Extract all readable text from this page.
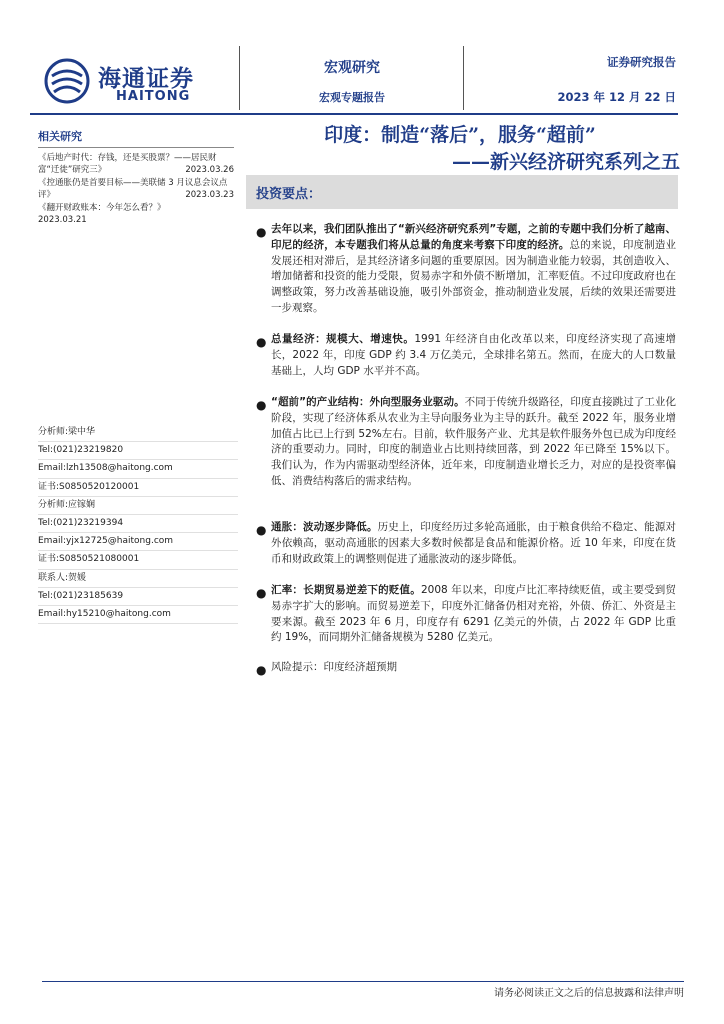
海通证券
HAITONG
宏观研究
宏观专题报告
证券研究报告
2023 年 12 月 22 日
印度：制造“落后”，服务“超前”
——新兴经济研究系列之五
相关研究
《后地产时代：存钱，还是买股票？——居民财富“迁徙”研究三》	2023.03.26
《控通胀仍是首要目标——美联储 3 月议息会议点评》	2023.03.23
《翻开财政账本：今年怎么看？》
2023.03.21
分析师:梁中华
Tel:(021)23219820
Email:lzh13508@haitong.com
证书:S0850520120001
分析师:应镓娴
Tel:(021)23219394
Email:yjx12725@haitong.com
证书:S0850521080001
联系人:贺媛
Tel:(021)23185639
Email:hy15210@haitong.com
投资要点：
● 去年以来，我们团队推出了“新兴经济研究系列”专题，之前的专题中我们分析了越南、印尼的经济，本专题我们将从总量的角度来考察下印度的经济。总的来说，印度制造业发展还相对滞后，是其经济诸多问题的重要原因。因为制造业能力较弱，其创造收入、增加储蓄和投资的能力受限，贸易赤字和外债不断增加，汇率贬值。不过印度政府也在调整政策，努力改善基础设施，吸引外部资金，推动制造业发展，后续的效果还需要进一步观察。
● 总量经济：规模大、增速快。1991 年经济自由化改革以来，印度经济实现了高速增长，2022 年，印度 GDP 约 3.4 万亿美元，全球排名第五。然而，在庞大的人口数量基础上，人均 GDP 水平并不高。
● “超前”的产业结构：外向型服务业驱动。不同于传统升级路径，印度直接跳过了工业化阶段，实现了经济体系从农业为主导向服务业为主导的跃升。截至 2022 年，服务业增加值占比已上行到 52%左右。目前，软件服务产业、尤其是软件服务外包已成为印度经济的重要动力。同时，印度的制造业占比则持续回落，到 2022 年已降至 15%以下。我们认为，作为内需驱动型经济体，近年来，印度制造业增长乏力，对应的是投资率偏低、消费结构落后的需求结构。
● 通胀：波动逐步降低。历史上，印度经历过多轮高通胀，由于粮食供给不稳定、能源对外依赖高，驱动高通胀的因素大多数时候都是食品和能源价格。近 10 年来，印度在货币和财政政策上的调整则促进了通胀波动的逐步降低。
● 汇率：长期贸易逆差下的贬值。2008 年以来，印度卢比汇率持续贬值，或主要受到贸易赤字扩大的影响。而贸易逆差下，印度外汇储备仍相对充裕，外债、侨汇、外资是主要来源。截至 2023 年 6 月，印度存有 6291 亿美元的外债，占 2022 年 GDP 比重约 19%，而同期外汇储备规模为 5280 亿美元。
● 风险提示：印度经济超预期
请务必阅读正文之后的信息披露和法律声明
